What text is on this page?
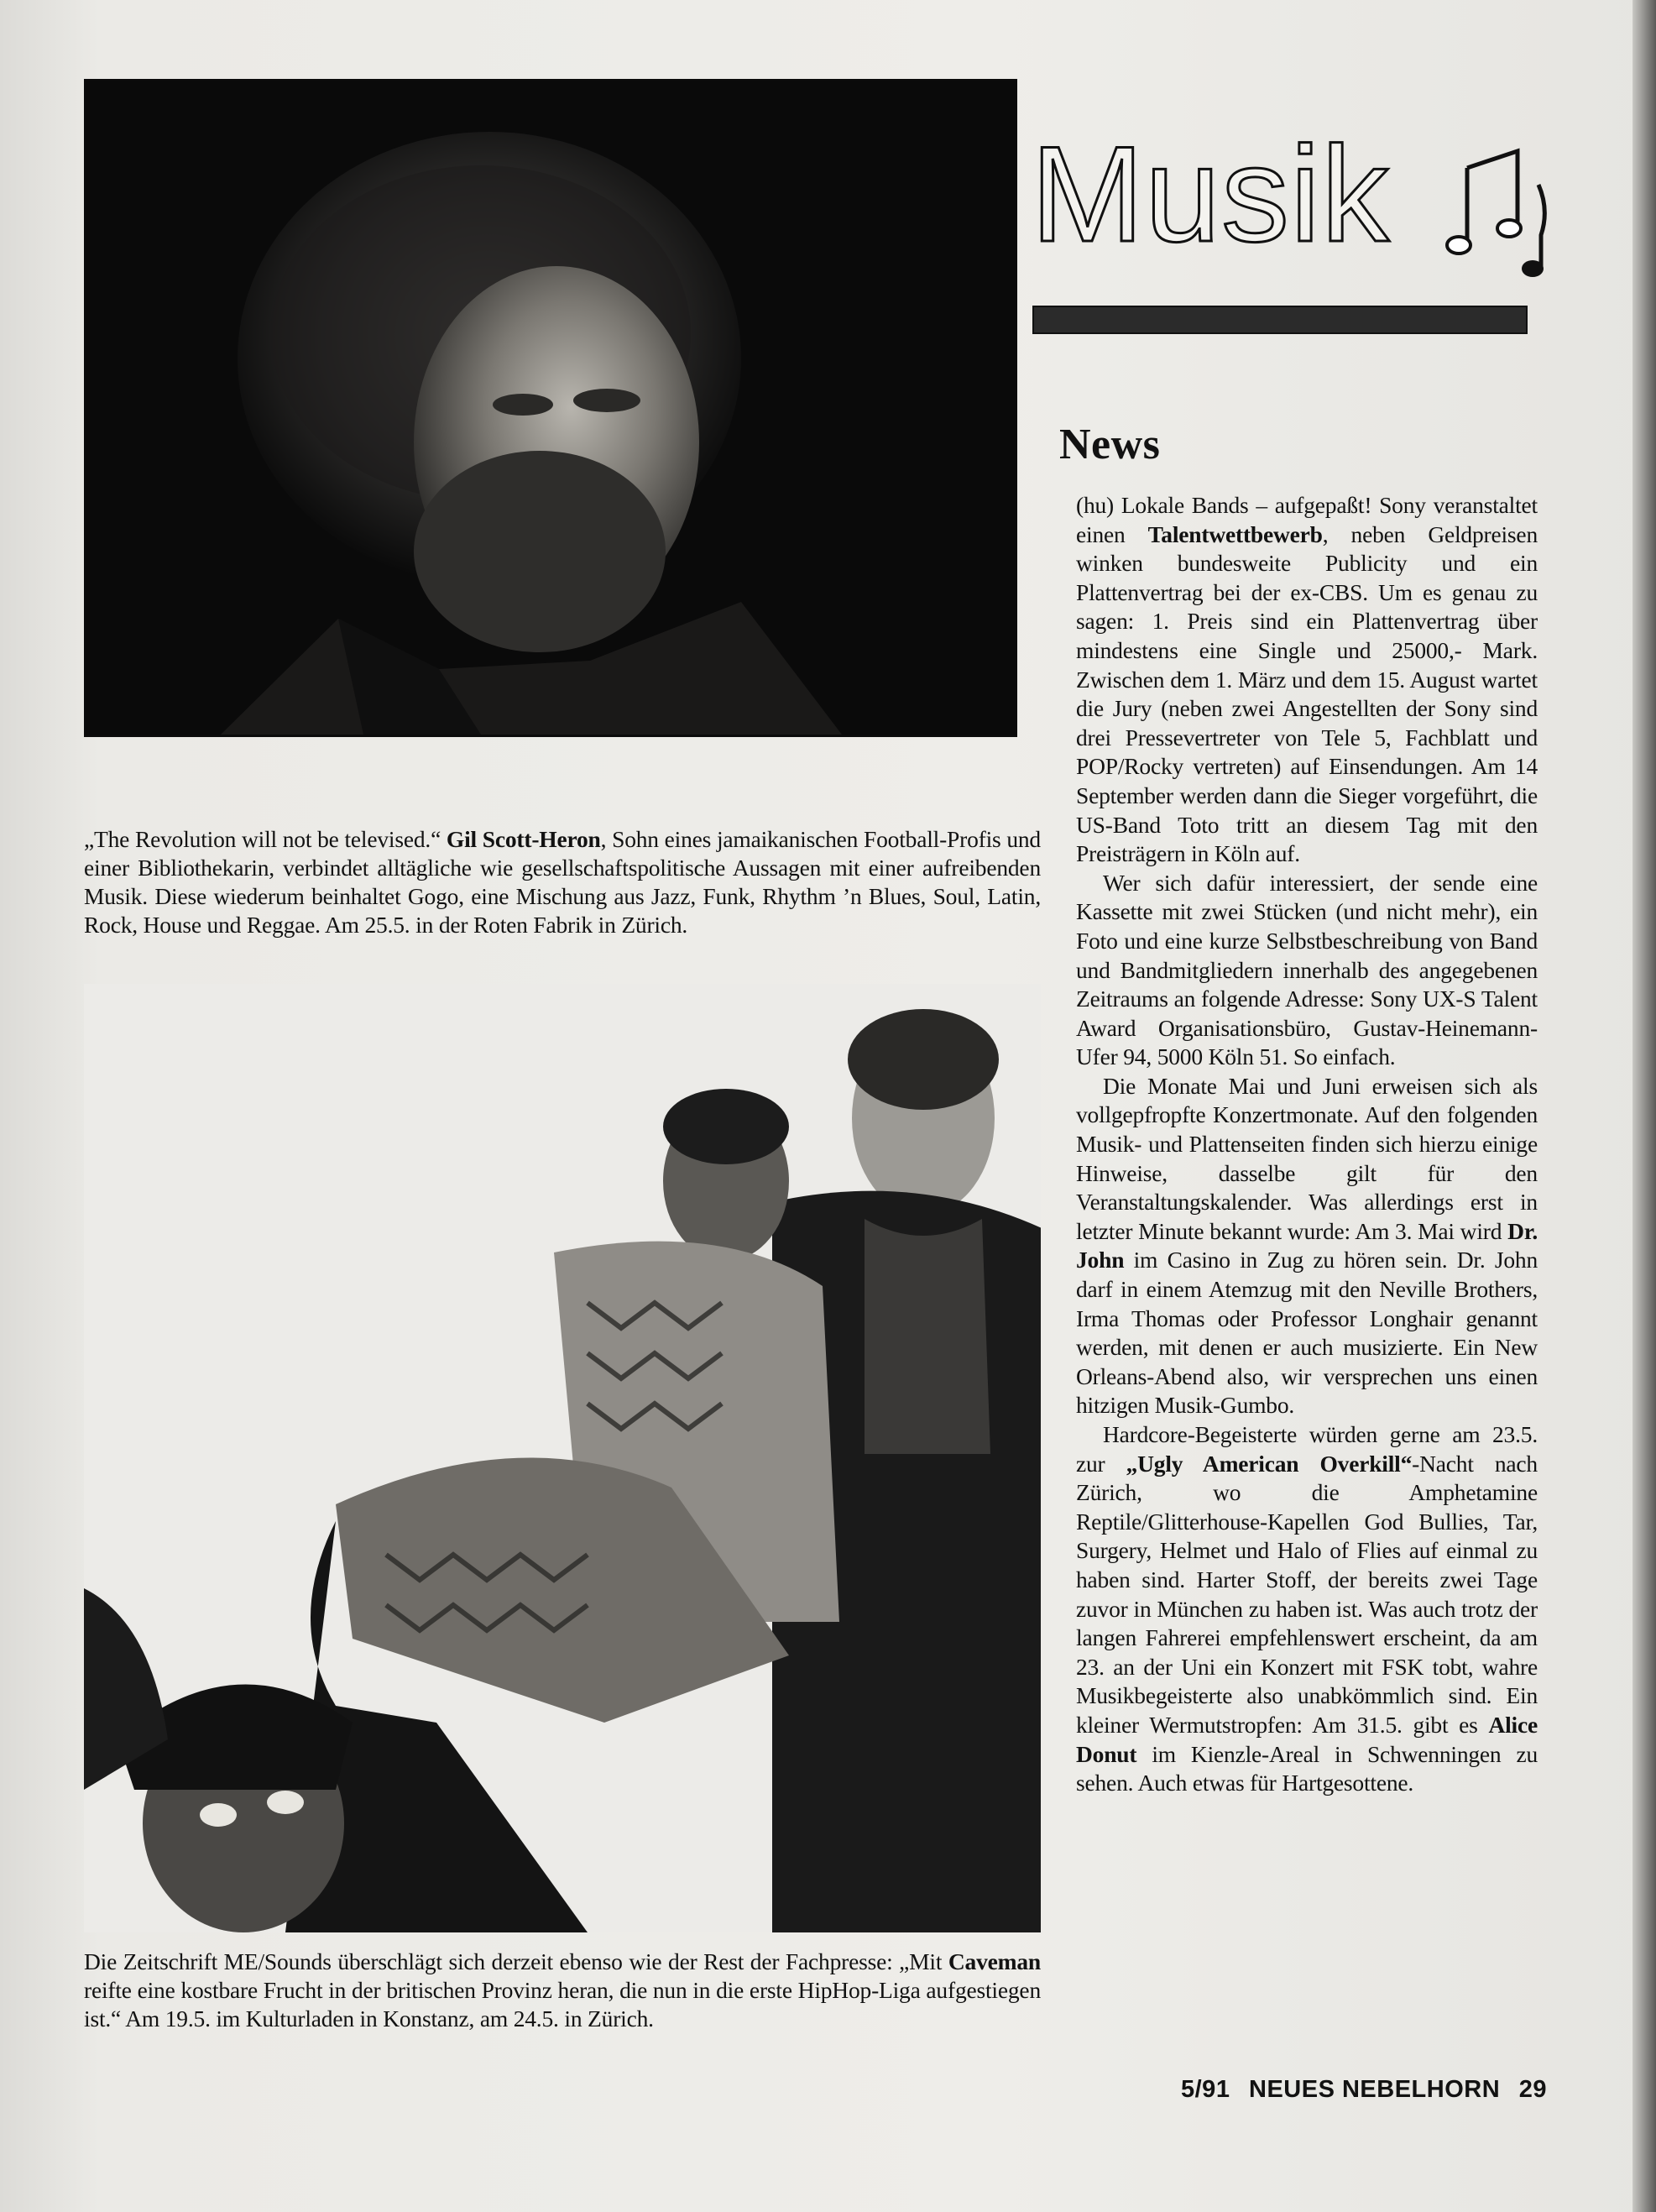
„The Revolution will not be televised.“ Gil Scott-Heron, Sohn eines jamaikanischen Football-Profis und einer Bibliothekarin, verbindet alltägliche wie gesellschaftspolitische Aussagen mit einer aufreibenden Musik. Diese wiederum beinhaltet Gogo, eine Mischung aus Jazz, Funk, Rhythm ’n Blues, Soul, Latin, Rock, House und Reggae. Am 25.5. in der Roten Fabrik in Zürich.

Die Zeitschrift ME/Sounds überschlägt sich derzeit ebenso wie der Rest der Fachpresse: „Mit Caveman reifte eine kostbare Frucht in der britischen Provinz heran, die nun in die erste HipHop-Liga aufgestiegen ist.“ Am 19.5. im Kulturladen in Konstanz, am 24.5. in Zürich.

Musik
News

(hu) Lokale Bands – aufgepaßt! Sony veranstaltet einen Talentwettbewerb, neben Geldpreisen winken bundesweite Publicity und ein Plattenvertrag bei der ex-CBS. Um es genau zu sagen: 1. Preis sind ein Plattenvertrag über mindestens eine Single und 25000,- Mark. Zwischen dem 1. März und dem 15. August wartet die Jury (neben zwei Angestellten der Sony sind drei Pressevertreter von Tele 5, Fachblatt und POP/Rocky vertreten) auf Einsendungen. Am 14 September werden dann die Sieger vorgeführt, die US-Band Toto tritt an diesem Tag mit den Preisträgern in Köln auf.

Wer sich dafür interessiert, der sende eine Kassette mit zwei Stücken (und nicht mehr), ein Foto und eine kurze Selbstbeschreibung von Band und Bandmitgliedern innerhalb des angegebenen Zeitraums an folgende Adresse: Sony UX-S Talent Award Organisationsbüro, Gustav-Heinemann-Ufer 94, 5000 Köln 51. So einfach.

Die Monate Mai und Juni erweisen sich als vollgepfropfte Konzertmonate. Auf den folgenden Musik- und Plattenseiten finden sich hierzu einige Hinweise, dasselbe gilt für den Veranstaltungskalender. Was allerdings erst in letzter Minute bekannt wurde: Am 3. Mai wird Dr. John im Casino in Zug zu hören sein. Dr. John darf in einem Atemzug mit den Neville Brothers, Irma Thomas oder Professor Longhair genannt werden, mit denen er auch musizierte. Ein New Orleans-Abend also, wir versprechen uns einen hitzigen Musik-Gumbo.

Hardcore-Begeisterte würden gerne am 23.5. zur „Ugly American Overkill“-Nacht nach Zürich, wo die Amphetamine Reptile/Glitterhouse-Kapellen God Bullies, Tar, Surgery, Helmet und Halo of Flies auf einmal zu haben sind. Harter Stoff, der bereits zwei Tage zuvor in München zu haben ist. Was auch trotz der langen Fahrerei empfehlenswert erscheint, da am 23. an der Uni ein Konzert mit FSK tobt, wahre Musikbegeisterte also unabkömmlich sind. Ein kleiner Wermutstropfen: Am 31.5. gibt es Alice Donut im Kienzle-Areal in Schwenningen zu sehen. Auch etwas für Hartgesottene.

5/91 NEUES NEBELHORN 29
